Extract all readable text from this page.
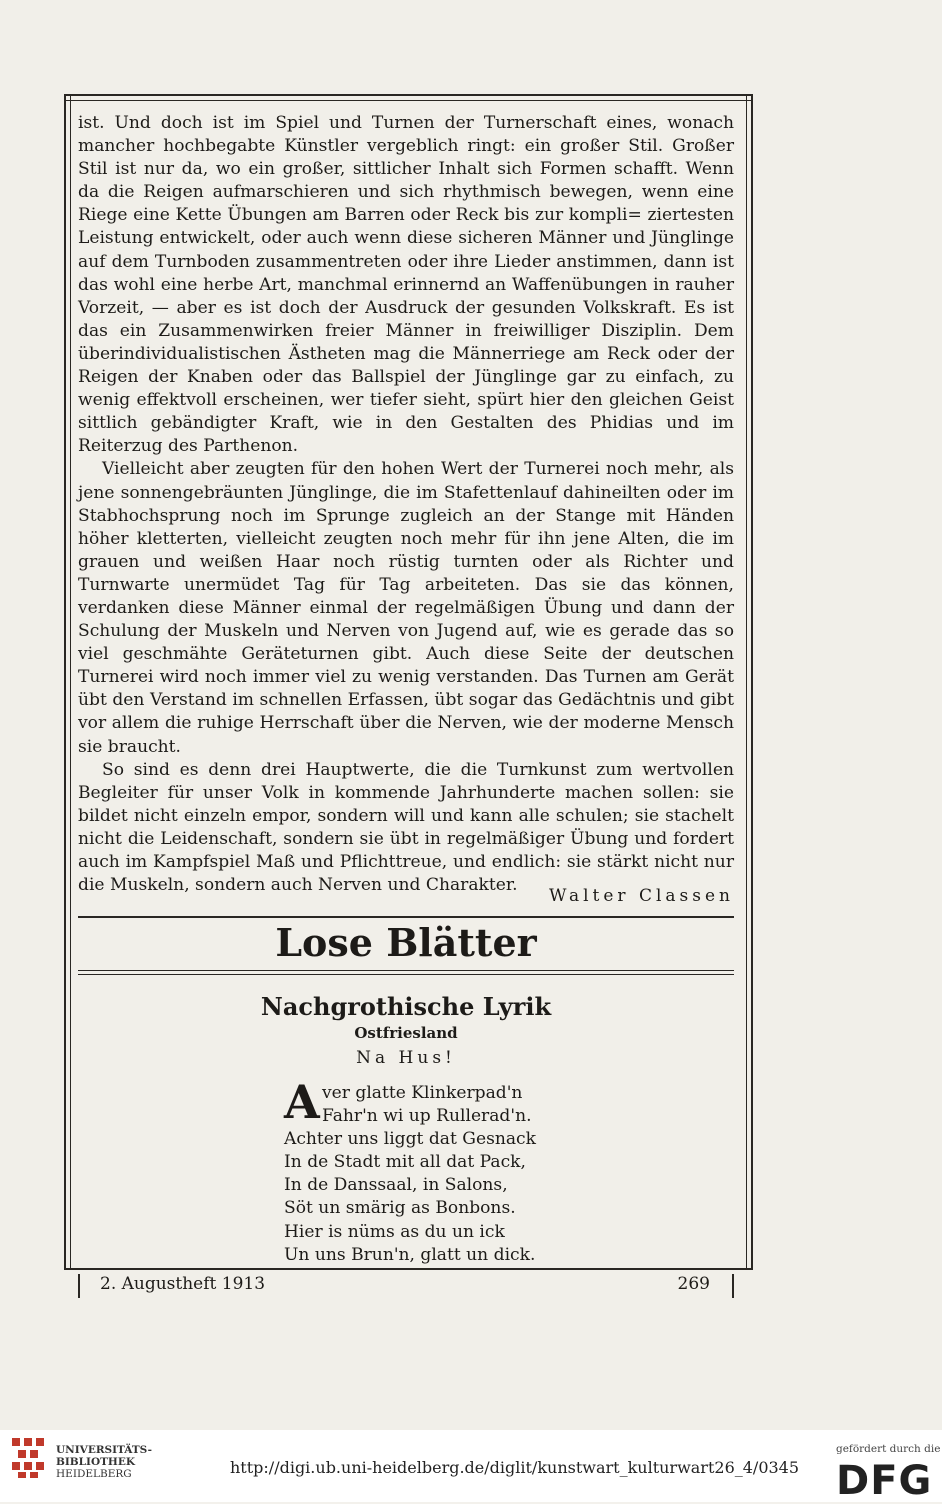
ist. Und doch ist im Spiel und Turnen der Turnerschaft eines, wonach mancher hochbegabte Künstler vergeblich ringt: ein großer Stil. Großer Stil ist nur da, wo ein großer, sittlicher Inhalt sich Formen schafft. Wenn da die Reigen aufmarschieren und sich rhythmisch bewegen, wenn eine Riege eine Kette Übungen am Barren oder Reck bis zur kompli= ziertesten Leistung entwickelt, oder auch wenn diese sicheren Männer und Jünglinge auf dem Turnboden zusammentreten oder ihre Lieder anstimmen, dann ist das wohl eine herbe Art, manchmal erinnernd an Waffenübungen in rauher Vorzeit, — aber es ist doch der Ausdruck der gesunden Volkskraft. Es ist das ein Zusammenwirken freier Männer in freiwilliger Disziplin. Dem überindividualistischen Ästheten mag die Männerriege am Reck oder der Reigen der Knaben oder das Ballspiel der Jünglinge gar zu einfach, zu wenig effektvoll erscheinen, wer tiefer sieht, spürt hier den gleichen Geist sittlich gebändigter Kraft, wie in den Gestalten des Phidias und im Reiterzug des Parthenon.

Vielleicht aber zeugten für den hohen Wert der Turnerei noch mehr, als jene sonnengebräunten Jünglinge, die im Stafettenlauf dahineilten oder im Stabhochsprung noch im Sprunge zugleich an der Stange mit Händen höher kletterten, vielleicht zeugten noch mehr für ihn jene Alten, die im grauen und weißen Haar noch rüstig turnten oder als Richter und Turnwarte unermüdet Tag für Tag arbeiteten. Das sie das können, verdanken diese Männer einmal der regelmäßigen Übung und dann der Schulung der Muskeln und Nerven von Jugend auf, wie es gerade das so viel geschmähte Geräteturnen gibt. Auch diese Seite der deutschen Turnerei wird noch immer viel zu wenig verstanden. Das Turnen am Gerät übt den Verstand im schnellen Erfassen, übt sogar das Gedächtnis und gibt vor allem die ruhige Herrschaft über die Nerven, wie der moderne Mensch sie braucht.

So sind es denn drei Hauptwerte, die die Turnkunst zum wertvollen Begleiter für unser Volk in kommende Jahrhunderte machen sollen: sie bildet nicht einzeln empor, sondern will und kann alle schulen; sie stachelt nicht die Leidenschaft, sondern sie übt in regelmäßiger Übung und fordert auch im Kampfspiel Maß und Pflichttreue, und endlich: sie stärkt nicht nur die Muskeln, sondern auch Nerven und Charakter.

Walter Classen
Lose Blätter
Nachgrothische Lyrik
Ostfriesland
Na Hus!
A ver glatte Klinkerpad'n
Fahr'n wi up Rullerad'n.
Achter uns liggt dat Gesnack
In de Stadt mit all dat Pack,
In de Danssaal, in Salons,
Söt un smärig as Bonbons.
Hier is nüms as du un ick
Un uns Brun'n, glatt un dick.
2. Augustheft 1913	269
UNIVERSITÄTS-
BIBLIOTHEK
HEIDELBERG	http://digi.ub.uni-heidelberg.de/diglit/kunstwart_kulturwart26_4/0345
gefördert durch die
DFG
